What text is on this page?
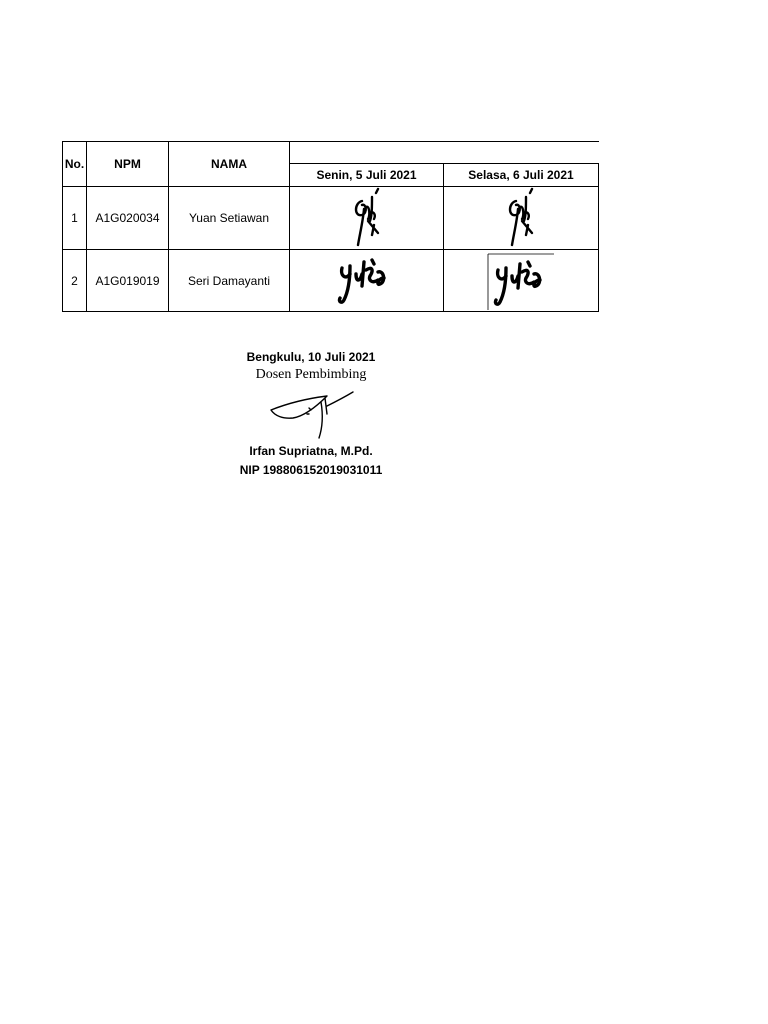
No.	NPM	NAMA		

			Senin, 5 Juli 2021	Selasa, 6 Juli 2021

1	A1G020034	Yuan Setiawan

2	A1G019019	Seri Damayanti

Bengkulu, 10 Juli 2021
Dosen Pembimbing
Irfan Supriatna, M.Pd.
NIP 198806152019031011
